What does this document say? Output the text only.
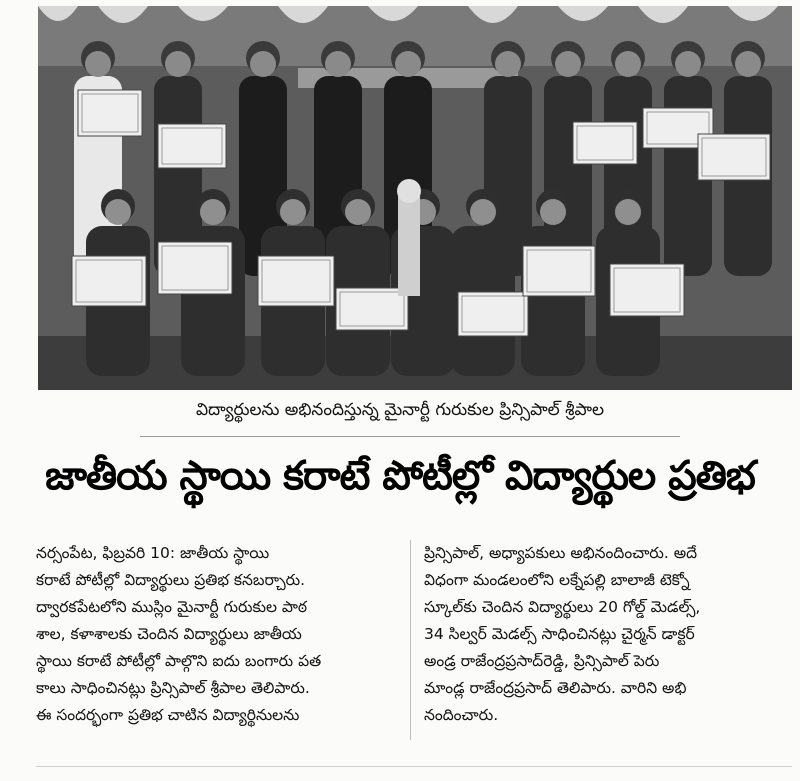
విద్యార్థులను అభినందిస్తున్న మైనార్టీ గురుకుల ప్రిన్సిపాల్ శ్రీపాల
జాతీయ స్థాయి కరాటే పోటీల్లో విద్యార్థుల ప్రతిభ
నర్సంపేట, ఫిబ్రవరి 10: జాతీయ స్థాయి
కరాటే పోటీల్లో విద్యార్థులు ప్రతిభ కనబర్చారు.
ద్వారకపేటలోని ముస్లిం మైనార్టీ గురుకుల పాఠ
శాల, కళాశాలకు చెందిన విద్యార్థులు జాతీయ
స్థాయి కరాటే పోటీల్లో పాల్గొని ఐదు బంగారు పత
కాలు సాధించినట్లు ప్రిన్సిపాల్ శ్రీపాల తెలిపారు.
ఈ సందర్భంగా ప్రతిభ చాటిన విద్యార్థినులను
ప్రిన్సిపాల్, అధ్యాపకులు అభినందించారు. అదే
విధంగా మండలంలోని లక్నేపల్లి బాలాజీ టెక్నో
స్కూల్‌కు చెందిన విద్యార్థులు 20 గోల్డ్ మెడల్స్,
34 సిల్వర్ మెడల్స్ సాధించినట్లు చైర్మన్ డాక్టర్
అండ్ర రాజేంద్రప్రసాద్‌రెడ్డి, ప్రిన్సిపాల్ పెరు
మాండ్ల రాజేంద్రప్రసాద్ తెలిపారు. వారిని అభి
నందించారు.
